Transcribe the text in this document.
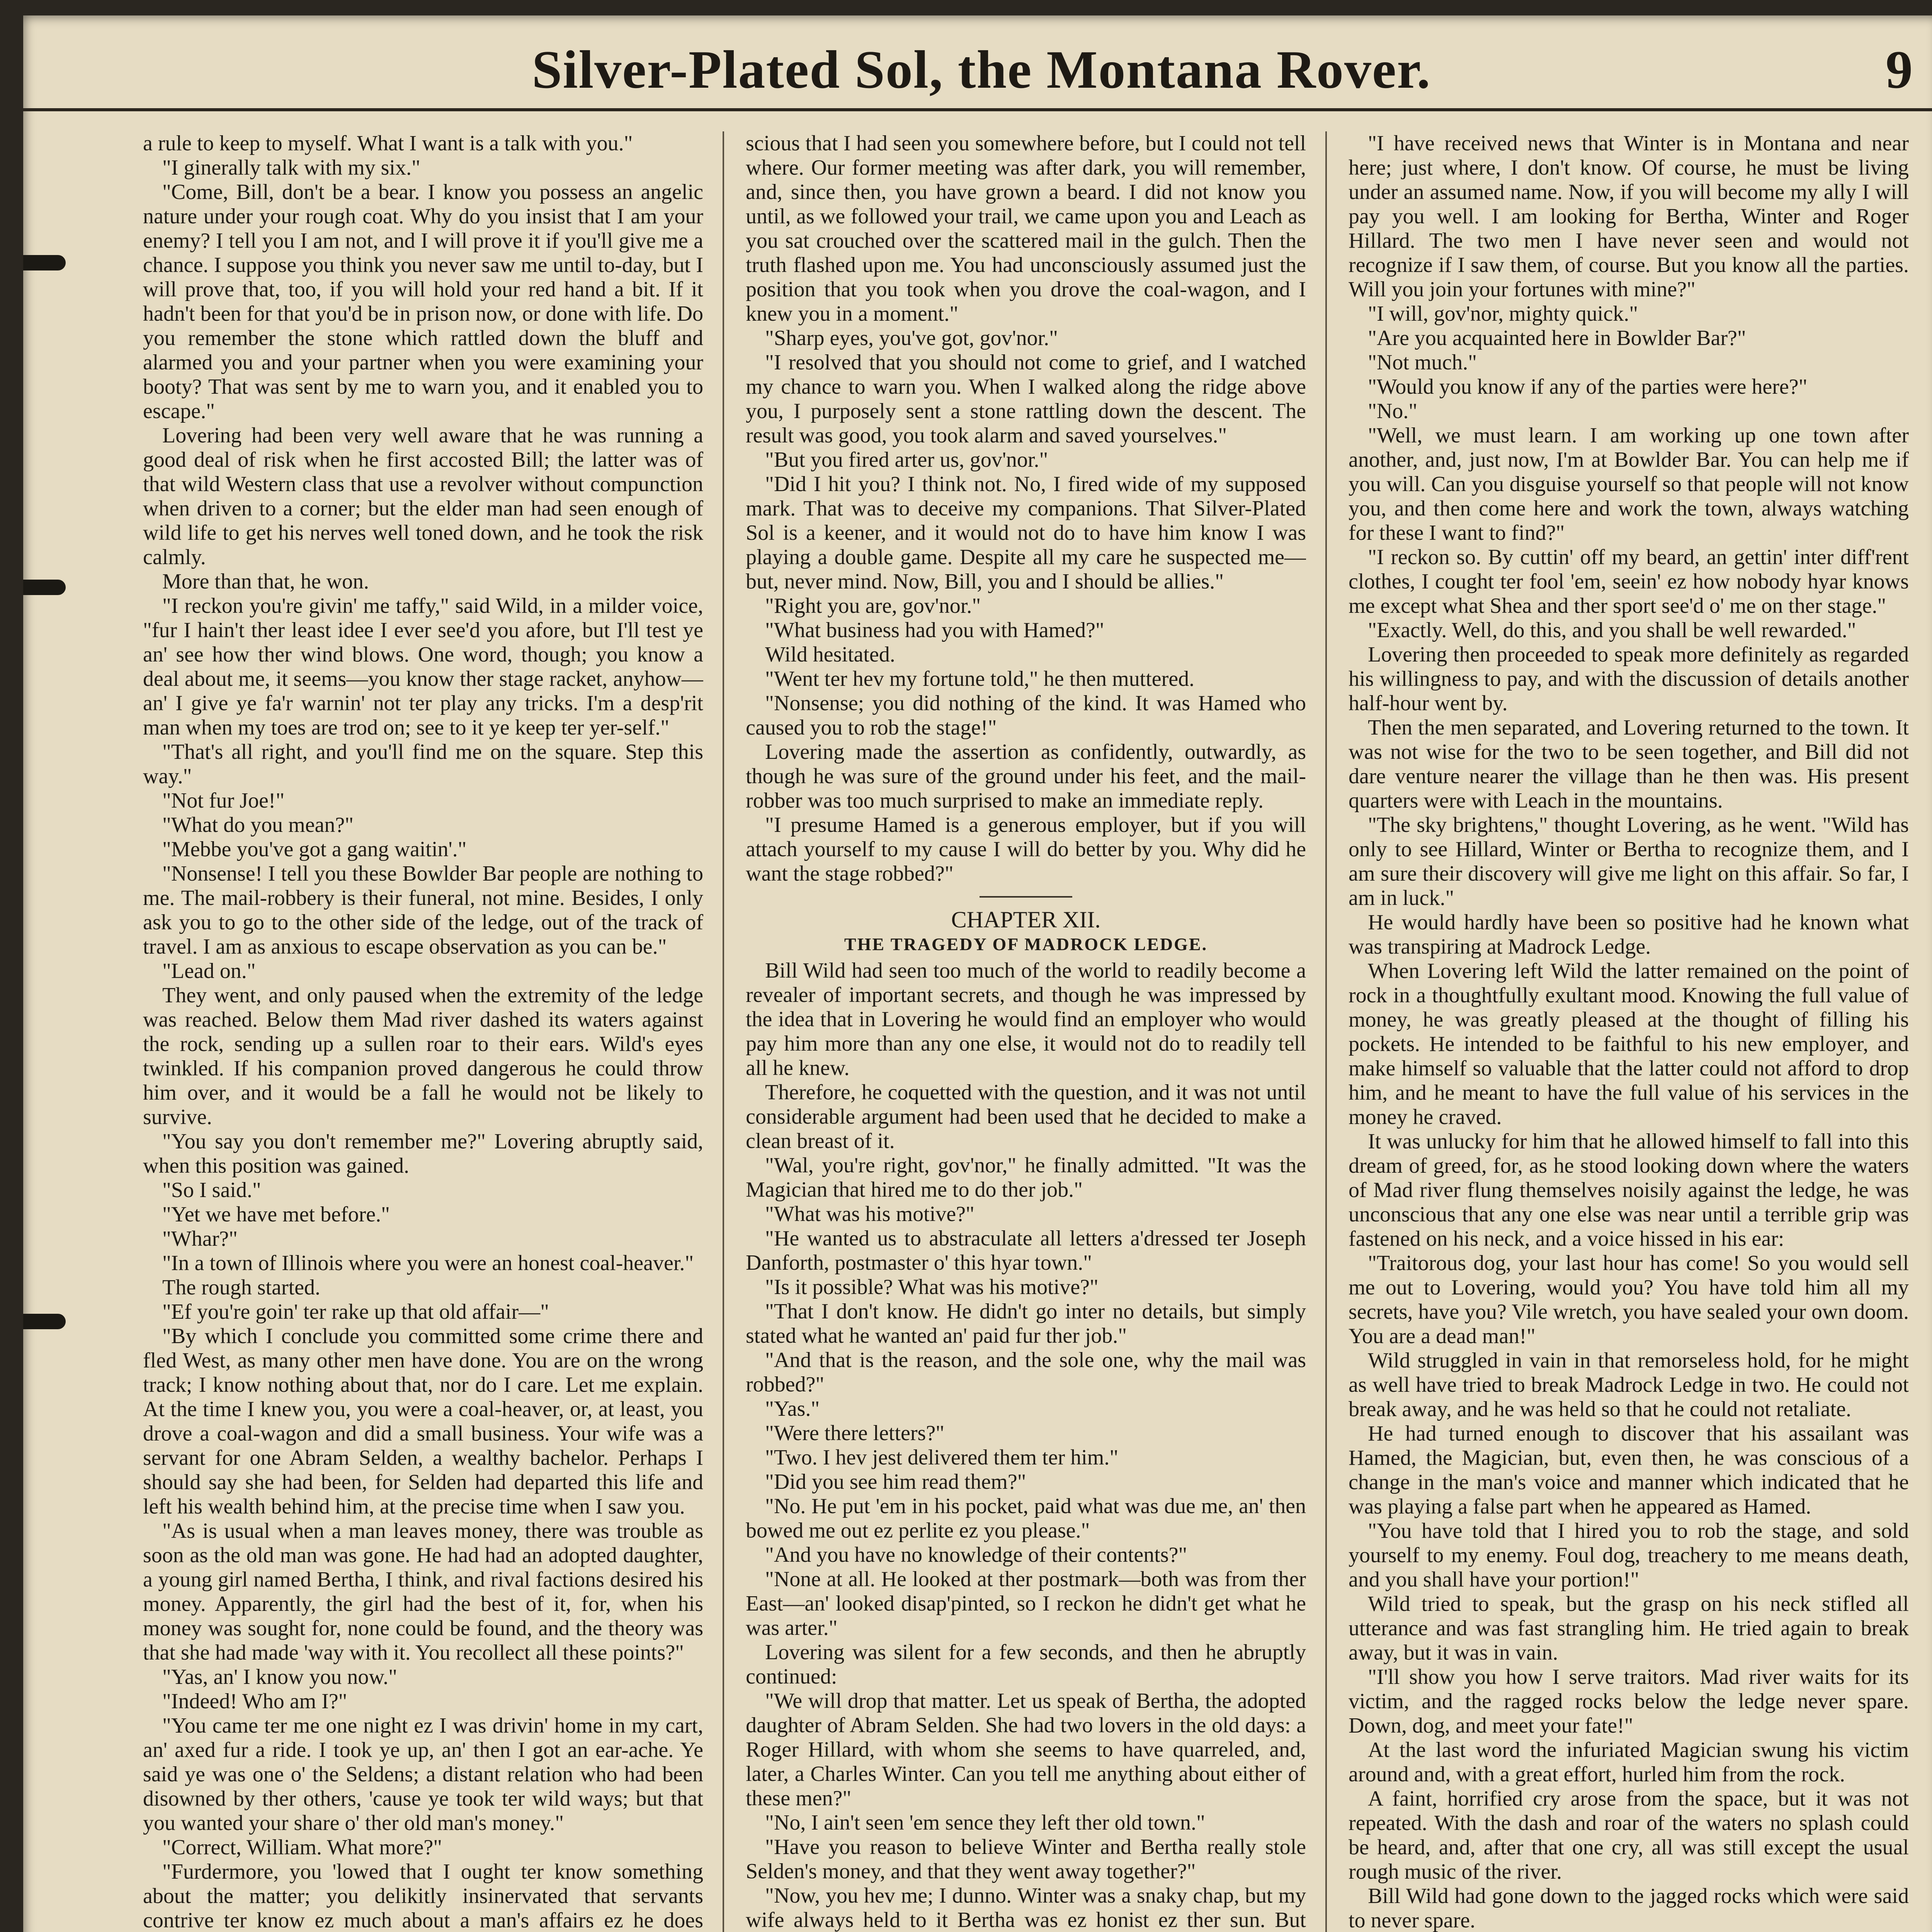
Silver-Plated Sol, the Montana Rover.	9

a rule to keep to myself. What I want is a talk with you."

"I ginerally talk with my six."

"Come, Bill, don't be a bear. I know you possess an angelic nature under your rough coat. Why do you insist that I am your enemy? I tell you I am not, and I will prove it if you'll give me a chance. I suppose you think you never saw me until to-day, but I will prove that, too, if you will hold your red hand a bit. If it hadn't been for that you'd be in prison now, or done with life. Do you remember the stone which rattled down the bluff and alarmed you and your partner when you were examining your booty? That was sent by me to warn you, and it enabled you to escape."

Lovering had been very well aware that he was running a good deal of risk when he first accosted Bill; the latter was of that wild Western class that use a revolver without compunction when driven to a corner; but the elder man had seen enough of wild life to get his nerves well toned down, and he took the risk calmly.

More than that, he won.

"I reckon you're givin' me taffy," said Wild, in a milder voice, "fur I hain't ther least idee I ever see'd you afore, but I'll test ye an' see how ther wind blows. One word, though; you know a deal about me, it seems—you know ther stage racket, anyhow—an' I give ye fa'r warnin' not ter play any tricks. I'm a desp'rit man when my toes are trod on; see to it ye keep ter yer-self."

"That's all right, and you'll find me on the square. Step this way."

"Not fur Joe!"

"What do you mean?"

"Mebbe you've got a gang waitin'."

"Nonsense! I tell you these Bowlder Bar people are nothing to me. The mail-robbery is their funeral, not mine. Besides, I only ask you to go to the other side of the ledge, out of the track of travel. I am as anxious to escape observation as you can be."

"Lead on."

They went, and only paused when the extremity of the ledge was reached. Below them Mad river dashed its waters against the rock, sending up a sullen roar to their ears. Wild's eyes twinkled. If his companion proved dangerous he could throw him over, and it would be a fall he would not be likely to survive.

"You say you don't remember me?" Lovering abruptly said, when this position was gained.

"So I said."

"Yet we have met before."

"Whar?"

"In a town of Illinois where you were an honest coal-heaver."

The rough started.

"Ef you're goin' ter rake up that old affair—"

"By which I conclude you committed some crime there and fled West, as many other men have done. You are on the wrong track; I know nothing about that, nor do I care. Let me explain. At the time I knew you, you were a coal-heaver, or, at least, you drove a coal-wagon and did a small business. Your wife was a servant for one Abram Selden, a wealthy bachelor. Perhaps I should say she had been, for Selden had departed this life and left his wealth behind him, at the precise time when I saw you.

"As is usual when a man leaves money, there was trouble as soon as the old man was gone. He had had an adopted daughter, a young girl named Bertha, I think, and rival factions desired his money. Apparently, the girl had the best of it, for, when his money was sought for, none could be found, and the theory was that she had made 'way with it. You recollect all these points?"

"Yas, an' I know you now."

"Indeed! Who am I?"

"You came ter me one night ez I was drivin' home in my cart, an' axed fur a ride. I took ye up, an' then I got an ear-ache. Ye said ye was one o' the Seldens; a distant relation who had been disowned by ther others, 'cause ye took ter wild ways; but that you wanted your share o' ther old man's money."

"Correct, William. What more?"

"Furdermore, you 'lowed that I ought ter know something about the matter; you delikitly insinervated that servants contrive ter know ez much about a man's affairs ez he does

scious that I had seen you somewhere before, but I could not tell where. Our former meeting was after dark, you will remember, and, since then, you have grown a beard. I did not know you until, as we followed your trail, we came upon you and Leach as you sat crouched over the scattered mail in the gulch. Then the truth flashed upon me. You had unconsciously assumed just the position that you took when you drove the coal-wagon, and I knew you in a moment."

"Sharp eyes, you've got, gov'nor."

"I resolved that you should not come to grief, and I watched my chance to warn you. When I walked along the ridge above you, I purposely sent a stone rattling down the descent. The result was good, you took alarm and saved yourselves."

"But you fired arter us, gov'nor."

"Did I hit you? I think not. No, I fired wide of my supposed mark. That was to deceive my companions. That Silver-Plated Sol is a keener, and it would not do to have him know I was playing a double game. Despite all my care he suspected me—but, never mind. Now, Bill, you and I should be allies."

"Right you are, gov'nor."

"What business had you with Hamed?"

Wild hesitated.

"Went ter hev my fortune told," he then muttered.

"Nonsense; you did nothing of the kind. It was Hamed who caused you to rob the stage!"

Lovering made the assertion as confidently, outwardly, as though he was sure of the ground under his feet, and the mail-robber was too much surprised to make an immediate reply.

"I presume Hamed is a generous employer, but if you will attach yourself to my cause I will do better by you. Why did he want the stage robbed?"

CHAPTER XII.
THE TRAGEDY OF MADROCK LEDGE.

Bill Wild had seen too much of the world to readily become a revealer of important secrets, and though he was impressed by the idea that in Lovering he would find an employer who would pay him more than any one else, it would not do to readily tell all he knew.

Therefore, he coquetted with the question, and it was not until considerable argument had been used that he decided to make a clean breast of it.

"Wal, you're right, gov'nor," he finally admitted. "It was the Magician that hired me to do ther job."

"What was his motive?"

"He wanted us to abstraculate all letters a'dressed ter Joseph Danforth, postmaster o' this hyar town."

"Is it possible? What was his motive?"

"That I don't know. He didn't go inter no details, but simply stated what he wanted an' paid fur ther job."

"And that is the reason, and the sole one, why the mail was robbed?"

"Yas."

"Were there letters?"

"Two. I hev jest delivered them ter him."

"Did you see him read them?"

"No. He put 'em in his pocket, paid what was due me, an' then bowed me out ez perlite ez you please."

"And you have no knowledge of their contents?"

"None at all. He looked at ther postmark—both was from ther East—an' looked disap'pinted, so I reckon he didn't get what he was arter."

Lovering was silent for a few seconds, and then he abruptly continued:

"We will drop that matter. Let us speak of Bertha, the adopted daughter of Abram Selden. She had two lovers in the old days: a Roger Hillard, with whom she seems to have quarreled, and, later, a Charles Winter. Can you tell me anything about either of these men?"

"No, I ain't seen 'em sence they left ther old town."

"Have you reason to believe Winter and Bertha really stole Selden's money, and that they went away together?"

"Now, you hev me; I dunno. Winter was a snaky chap, but my wife always held to it Bertha was ez honist ez ther sun. But

"I have received news that Winter is in Montana and near here; just where, I don't know. Of course, he must be living under an assumed name. Now, if you will become my ally I will pay you well. I am looking for Bertha, Winter and Roger Hillard. The two men I have never seen and would not recognize if I saw them, of course. But you know all the parties. Will you join your fortunes with mine?"

"I will, gov'nor, mighty quick."

"Are you acquainted here in Bowlder Bar?"

"Not much."

"Would you know if any of the parties were here?"

"No."

"Well, we must learn. I am working up one town after another, and, just now, I'm at Bowlder Bar. You can help me if you will. Can you disguise yourself so that people will not know you, and then come here and work the town, always watching for these I want to find?"

"I reckon so. By cuttin' off my beard, an gettin' inter diff'rent clothes, I cought ter fool 'em, seein' ez how nobody hyar knows me except what Shea and ther sport see'd o' me on ther stage."

"Exactly. Well, do this, and you shall be well rewarded."

Lovering then proceeded to speak more definitely as regarded his willingness to pay, and with the discussion of details another half-hour went by.

Then the men separated, and Lovering returned to the town. It was not wise for the two to be seen together, and Bill did not dare venture nearer the village than he then was. His present quarters were with Leach in the mountains.

"The sky brightens," thought Lovering, as he went. "Wild has only to see Hillard, Winter or Bertha to recognize them, and I am sure their discovery will give me light on this affair. So far, I am in luck."

He would hardly have been so positive had he known what was transpiring at Madrock Ledge.

When Lovering left Wild the latter remained on the point of rock in a thoughtfully exultant mood. Knowing the full value of money, he was greatly pleased at the thought of filling his pockets. He intended to be faithful to his new employer, and make himself so valuable that the latter could not afford to drop him, and he meant to have the full value of his services in the money he craved.

It was unlucky for him that he allowed himself to fall into this dream of greed, for, as he stood looking down where the waters of Mad river flung themselves noisily against the ledge, he was unconscious that any one else was near until a terrible grip was fastened on his neck, and a voice hissed in his ear:

"Traitorous dog, your last hour has come! So you would sell me out to Lovering, would you? You have told him all my secrets, have you? Vile wretch, you have sealed your own doom. You are a dead man!"

Wild struggled in vain in that remorseless hold, for he might as well have tried to break Madrock Ledge in two. He could not break away, and he was held so that he could not retaliate.

He had turned enough to discover that his assailant was Hamed, the Magician, but, even then, he was conscious of a change in the man's voice and manner which indicated that he was playing a false part when he appeared as Hamed.

"You have told that I hired you to rob the stage, and sold yourself to my enemy. Foul dog, treachery to me means death, and you shall have your portion!"

Wild tried to speak, but the grasp on his neck stifled all utterance and was fast strangling him. He tried again to break away, but it was in vain.

"I'll show you how I serve traitors. Mad river waits for its victim, and the ragged rocks below the ledge never spare. Down, dog, and meet your fate!"

At the last word the infuriated Magician swung his victim around and, with a great effort, hurled him from the rock.

A faint, horrified cry arose from the space, but it was not repeated. With the dash and roar of the waters no splash could be heard, and, after that one cry, all was still except the usual rough music of the river.

Bill Wild had gone down to the jagged rocks which were said to never spare.
